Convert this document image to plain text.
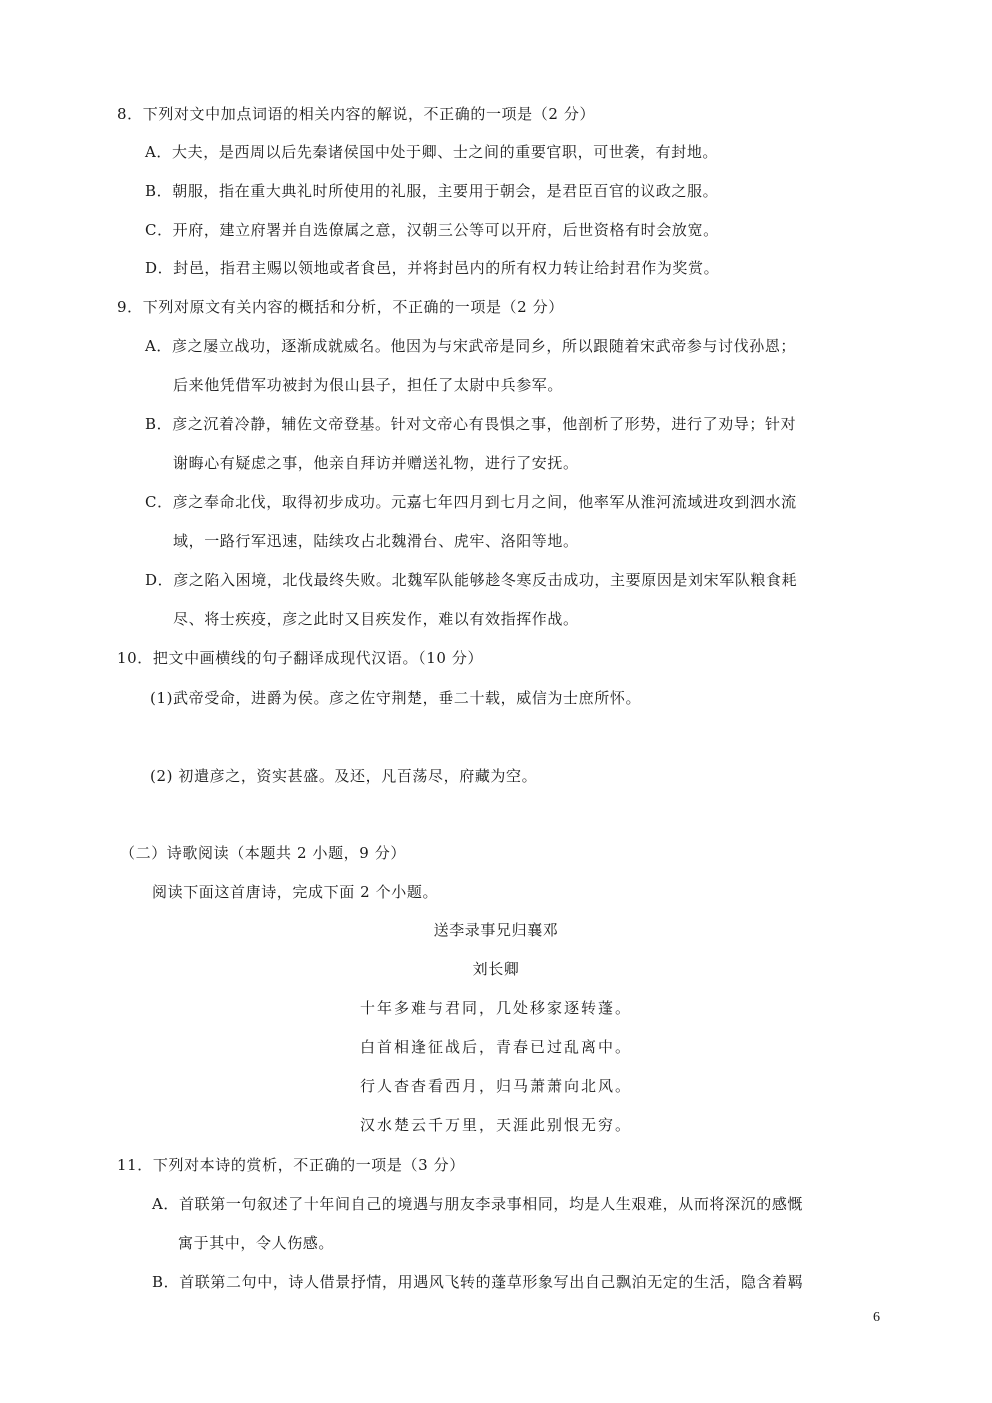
8．下列对文中加点词语的相关内容的解说，不正确的一项是（2 分）
A．大夫，是西周以后先秦诸侯国中处于卿、士之间的重要官职，可世袭，有封地。
B．朝服，指在重大典礼时所使用的礼服，主要用于朝会，是君臣百官的议政之服。
C．开府，建立府署并自选僚属之意，汉朝三公等可以开府，后世资格有时会放宽。
D．封邑，指君主赐以领地或者食邑，并将封邑内的所有权力转让给封君作为奖赏。
9．下列对原文有关内容的概括和分析，不正确的一项是（2 分）
A．彦之屡立战功，逐渐成就威名。他因为与宋武帝是同乡，所以跟随着宋武帝参与讨伐孙恩；
后来他凭借军功被封为佷山县子，担任了太尉中兵参军。
B．彦之沉着冷静，辅佐文帝登基。针对文帝心有畏惧之事，他剖析了形势，进行了劝导；针对
谢晦心有疑虑之事，他亲自拜访并赠送礼物，进行了安抚。
C．彦之奉命北伐，取得初步成功。元嘉七年四月到七月之间，他率军从淮河流域进攻到泗水流
域，一路行军迅速，陆续攻占北魏滑台、虎牢、洛阳等地。
D．彦之陷入困境，北伐最终失败。北魏军队能够趁冬寒反击成功，主要原因是刘宋军队粮食耗
尽、将士疾疫，彦之此时又目疾发作，难以有效指挥作战。
10．把文中画横线的句子翻译成现代汉语。（10 分）
(1)武帝受命，进爵为侯。彦之佐守荆楚，垂二十载，威信为士庶所怀。
(2) 初遣彦之，资实甚盛。及还，凡百荡尽，府藏为空。
（二）诗歌阅读（本题共 2 小题，9 分）
阅读下面这首唐诗，完成下面 2 个小题。
送李录事兄归襄邓
刘长卿
十年多难与君同，几处移家逐转蓬。
白首相逢征战后，青春已过乱离中。
行人杳杳看西月，归马萧萧向北风。
汉水楚云千万里，天涯此别恨无穷。
11．下列对本诗的赏析，不正确的一项是（3 分）
A．首联第一句叙述了十年间自己的境遇与朋友李录事相同，均是人生艰难，从而将深沉的感慨
寓于其中，令人伤感。
B．首联第二句中，诗人借景抒情，用遇风飞转的蓬草形象写出自己飘泊无定的生活，隐含着羁
6
